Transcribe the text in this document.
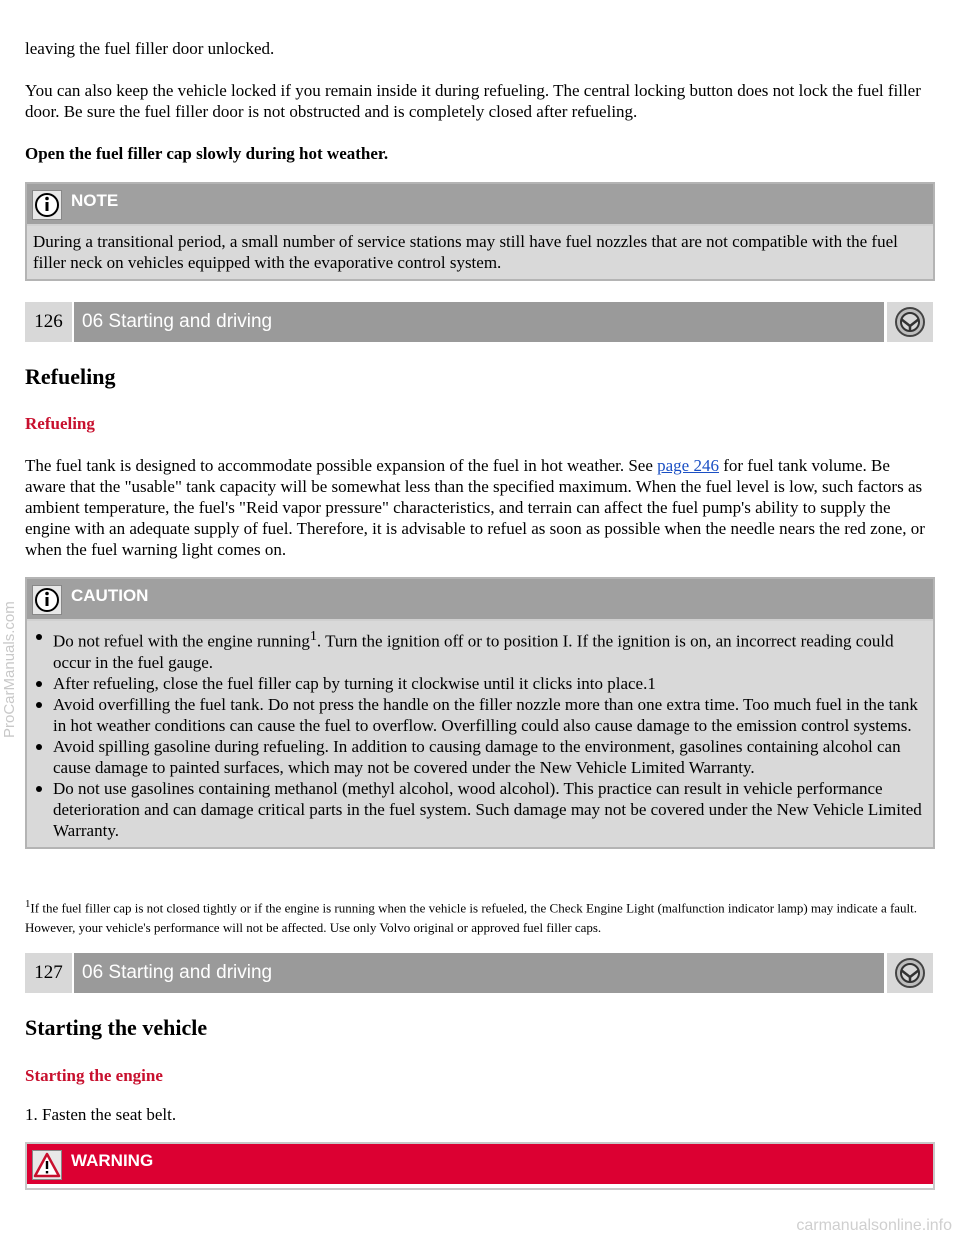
leaving the fuel filler door unlocked.

You can also keep the vehicle locked if you remain inside it during refueling. The central locking button does not lock the fuel filler door. Be sure the fuel filler door is not obstructed and is completely closed after refueling.

Open the fuel filler cap slowly during hot weather.

NOTE
During a transitional period, a small number of service stations may still have fuel nozzles that are not compatible with the fuel filler neck on vehicles equipped with the evaporative control system.
126	06 Starting and driving
Refueling
Refueling

The fuel tank is designed to accommodate possible expansion of the fuel in hot weather. See page 246 for fuel tank volume. Be aware that the "usable" tank capacity will be somewhat less than the specified maximum. When the fuel level is low, such factors as ambient temperature, the fuel's "Reid vapor pressure" characteristics, and terrain can affect the fuel pump's ability to supply the engine with an adequate supply of fuel. Therefore, it is advisable to refuel as soon as possible when the needle nears the red zone, or when the fuel warning light comes on.

CAUTION
Do not refuel with the engine running$^1$. Turn the ignition off or to position I. If the ignition is on, an incorrect reading could occur in the fuel gauge.
After refueling, close the fuel filler cap by turning it clockwise until it clicks into place.1
Avoid overfilling the fuel tank. Do not press the handle on the filler nozzle more than one extra time. Too much fuel in the tank in hot weather conditions can cause the fuel to overflow. Overfilling could also cause damage to the emission control systems.
Avoid spilling gasoline during refueling. In addition to causing damage to the environment, gasolines containing alcohol can cause damage to painted surfaces, which may not be covered under the New Vehicle Limited Warranty.
Do not use gasolines containing methanol (methyl alcohol, wood alcohol). This practice can result in vehicle performance deterioration and can damage critical parts in the fuel system. Such damage may not be covered under the New Vehicle Limited Warranty.

$^1$If the fuel filler cap is not closed tightly or if the engine is running when the vehicle is refueled, the Check Engine Light (malfunction indicator lamp) may indicate a fault. However, your vehicle's performance will not be affected. Use only Volvo original or approved fuel filler caps.

127	06 Starting and driving
Starting the vehicle
Starting the engine

1. Fasten the seat belt.

WARNING
ProCarManuals.com
carmanualsonline.info
